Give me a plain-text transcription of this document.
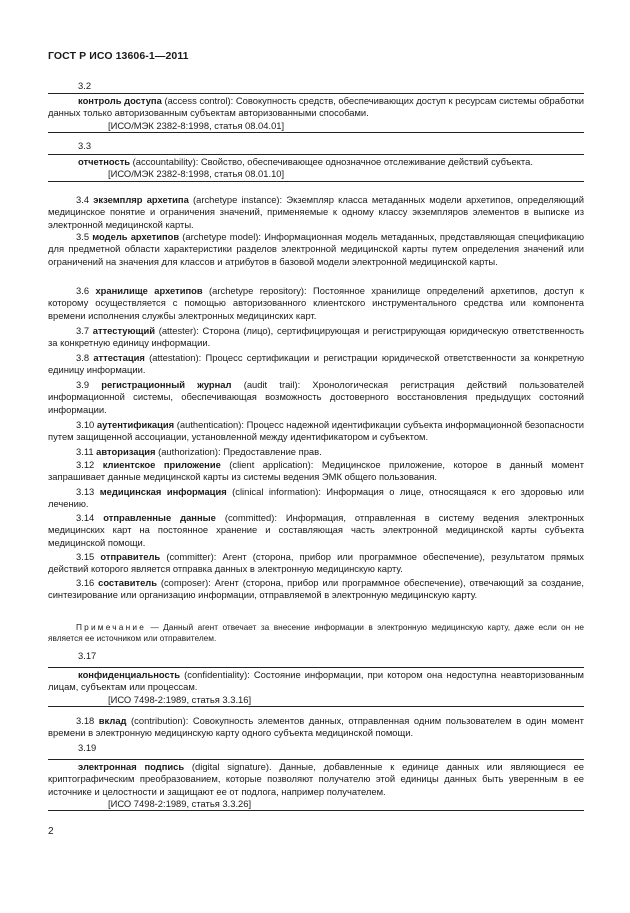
ГОСТ Р ИСО 13606-1—2011
3.2
контроль доступа (access control): Совокупность средств, обеспечивающих доступ к ресурсам системы обработки данных только авторизованным субъектам авторизованными способами.
[ИСО/МЭК 2382-8:1998, статья 08.04.01]
3.3
отчетность (accountability): Свойство, обеспечивающее однозначное отслеживание действий субъекта.
[ИСО/МЭК 2382-8:1998, статья 08.01.10]
3.4 экземпляр архетипа (archetype instance): Экземпляр класса метаданных модели архетипов, определяющий медицинское понятие и ограничения значений, применяемые к одному классу экземпляров элементов в выписке из электронной медицинской карты.
3.5 модель архетипов (archetype model): Информационная модель метаданных, представляющая спецификацию для предметной области характеристики разделов электронной медицинской карты путем определения значений или ограничений на значения для классов и атрибутов в базовой модели электронной медицинской карты.
3.6 хранилище архетипов (archetype repository): Постоянное хранилище определений архетипов, доступ к которому осуществляется с помощью авторизованного клиентского инструментального средства или компонента времени исполнения службы электронных медицинских карт.
3.7 аттестующий (attester): Сторона (лицо), сертифицирующая и регистрирующая юридическую ответственность за конкретную единицу информации.
3.8 аттестация (attestation): Процесс сертификации и регистрации юридической ответственности за конкретную единицу информации.
3.9 регистрационный журнал (audit trail): Хронологическая регистрация действий пользователей информационной системы, обеспечивающая возможность достоверного восстановления предыдущих состояний информации.
3.10 аутентификация (authentication): Процесс надежной идентификации субъекта информационной безопасности путем защищенной ассоциации, установленной между идентификатором и субъектом.
3.11 авторизация (authorization): Предоставление прав.
3.12 клиентское приложение (client application): Медицинское приложение, которое в данный момент запрашивает данные медицинской карты из системы ведения ЭМК общего пользования.
3.13 медицинская информация (clinical information): Информация о лице, относящаяся к его здоровью или лечению.
3.14 отправленные данные (committed): Информация, отправленная в систему ведения электронных медицинских карт на постоянное хранение и составляющая часть электронной медицинской карты субъекта медицинской помощи.
3.15 отправитель (committer): Агент (сторона, прибор или программное обеспечение), результатом прямых действий которого является отправка данных в электронную медицинскую карту.
3.16 составитель (composer): Агент (сторона, прибор или программное обеспечение), отвечающий за создание, синтезирование или организацию информации, отправляемой в электронную медицинскую карту.
Примечание — Данный агент отвечает за внесение информации в электронную медицинскую карту, даже если он не является ее источником или отправителем.
3.17
конфиденциальность (confidentiality): Состояние информации, при котором она недоступна неавторизованным лицам, субъектам или процессам.
[ИСО 7498-2:1989, статья 3.3.16]
3.18 вклад (contribution): Совокупность элементов данных, отправленная одним пользователем в один момент времени в электронную медицинскую карту одного субъекта медицинской помощи.
3.19
электронная подпись (digital signature). Данные, добавленные к единице данных или являющиеся ее криптографическим преобразованием, которые позволяют получателю этой единицы данных быть уверенным в ее источнике и целостности и защищают ее от подлога, например получателем.
[ИСО 7498-2:1989, статья 3.3.26]
2
